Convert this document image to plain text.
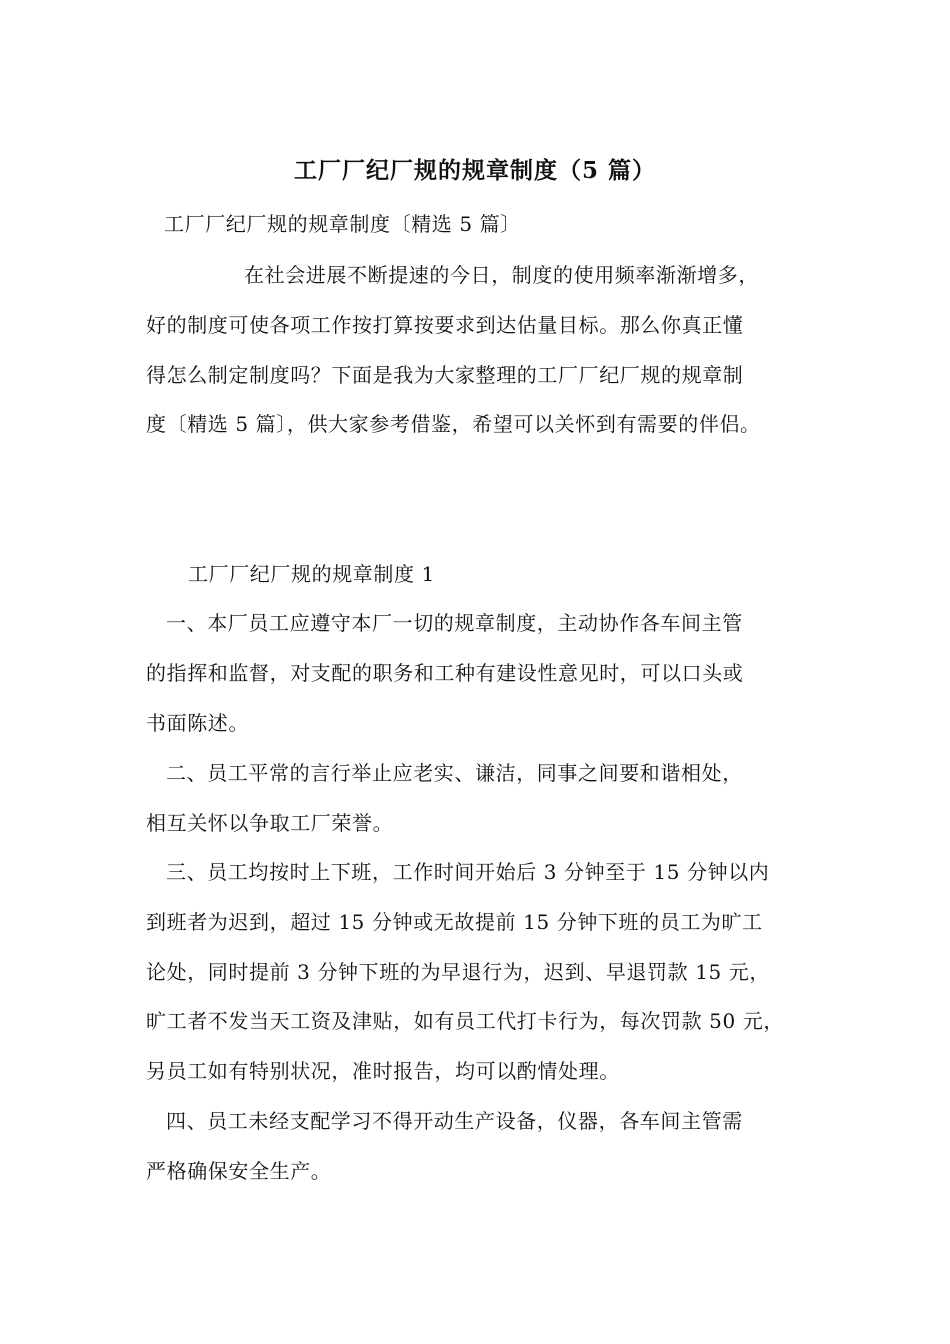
工厂厂纪厂规的规章制度（5 篇）
工厂厂纪厂规的规章制度〔精选 5 篇〕
在社会进展不断提速的今日，制度的使用频率渐渐增多，
好的制度可使各项工作按打算按要求到达估量目标。那么你真正懂
得怎么制定制度吗？下面是我为大家整理的工厂厂纪厂规的规章制
度〔精选 5 篇〕，供大家参考借鉴，希望可以关怀到有需要的伴侣。
工厂厂纪厂规的规章制度 1
一、本厂员工应遵守本厂一切的规章制度，主动协作各车间主管
的指挥和监督，对支配的职务和工种有建设性意见时，可以口头或
书面陈述。
二、员工平常的言行举止应老实、谦洁，同事之间要和谐相处，
相互关怀以争取工厂荣誉。
三、员工均按时上下班，工作时间开始后 3 分钟至于 15 分钟以内
到班者为迟到，超过 15 分钟或无故提前 15 分钟下班的员工为旷工
论处，同时提前 3 分钟下班的为早退行为，迟到、早退罚款 15 元，
旷工者不发当天工资及津贴，如有员工代打卡行为，每次罚款 50 元，
另员工如有特别状况，准时报告，均可以酌情处理。
四、员工未经支配学习不得开动生产设备，仪器，各车间主管需
严格确保安全生产。
